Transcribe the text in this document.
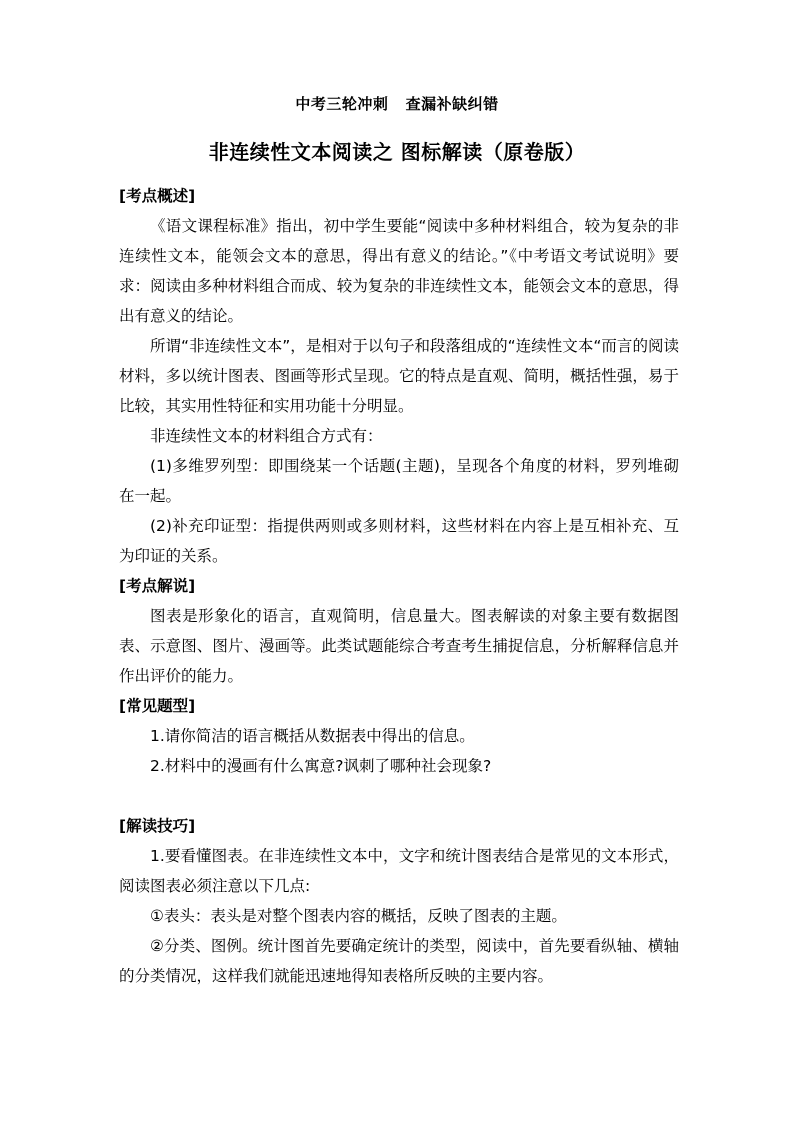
中考三轮冲刺   查漏补缺纠错
非连续性文本阅读之 图标解读（原卷版）

[考点概述]

《语文课程标准》指出，初中学生要能“阅读中多种材料组合，较为复杂的非连续性文本，能领会文本的意思，得出有意义的结论。”《中考语文考试说明》要求：阅读由多种材料组合而成、较为复杂的非连续性文本，能领会文本的意思，得出有意义的结论。

所谓“非连续性文本”，是相对于以句子和段落组成的“连续性文本“而言的阅读材料，多以统计图表、图画等形式呈现。它的特点是直观、简明，概括性强，易于比较，其实用性特征和实用功能十分明显。

非连续性文本的材料组合方式有：

(1)多维罗列型：即围绕某一个话题(主题)，呈现各个角度的材料，罗列堆砌在一起。

(2)补充印证型：指提供两则或多则材料，这些材料在内容上是互相补充、互为印证的关系。

[考点解说]

图表是形象化的语言，直观简明，信息量大。图表解读的对象主要有数据图表、示意图、图片、漫画等。此类试题能综合考查考生捕捉信息，分析解释信息并作出评价的能力。

[常见题型]

1.请你简洁的语言概括从数据表中得出的信息。

2.材料中的漫画有什么寓意?讽刺了哪种社会现象?

[解读技巧]

1.要看懂图表。在非连续性文本中，文字和统计图表结合是常见的文本形式，阅读图表必须注意以下几点:

①表头：表头是对整个图表内容的概括，反映了图表的主题。

②分类、图例。统计图首先要确定统计的类型，阅读中，首先要看纵轴、横轴的分类情况，这样我们就能迅速地得知表格所反映的主要内容。
